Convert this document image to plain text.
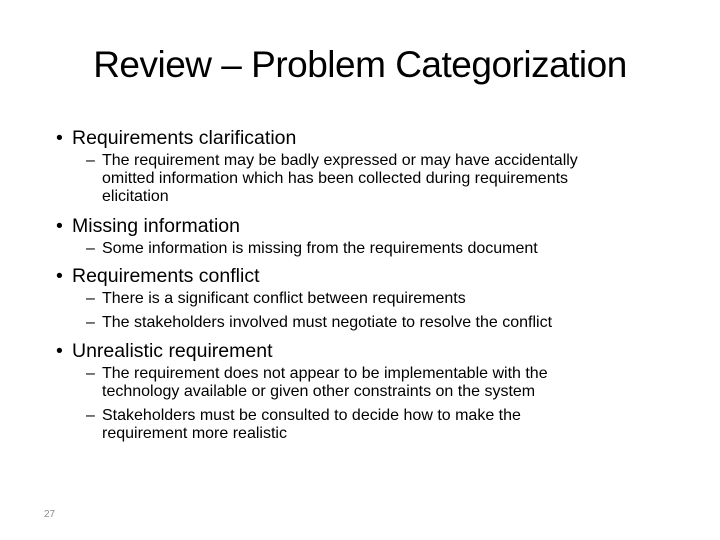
Review – Problem Categorization
• Requirements clarification
– The requirement may be badly expressed or may have accidentally
omitted information which has been collected during requirements
elicitation
• Missing information
– Some information is missing from the requirements document
• Requirements conflict
– There is a significant conflict between requirements
– The stakeholders involved must negotiate to resolve the conflict
• Unrealistic requirement
– The requirement does not appear to be implementable with the
technology available or given other constraints on the system
– Stakeholders must be consulted to decide how to make the
requirement more realistic
27
